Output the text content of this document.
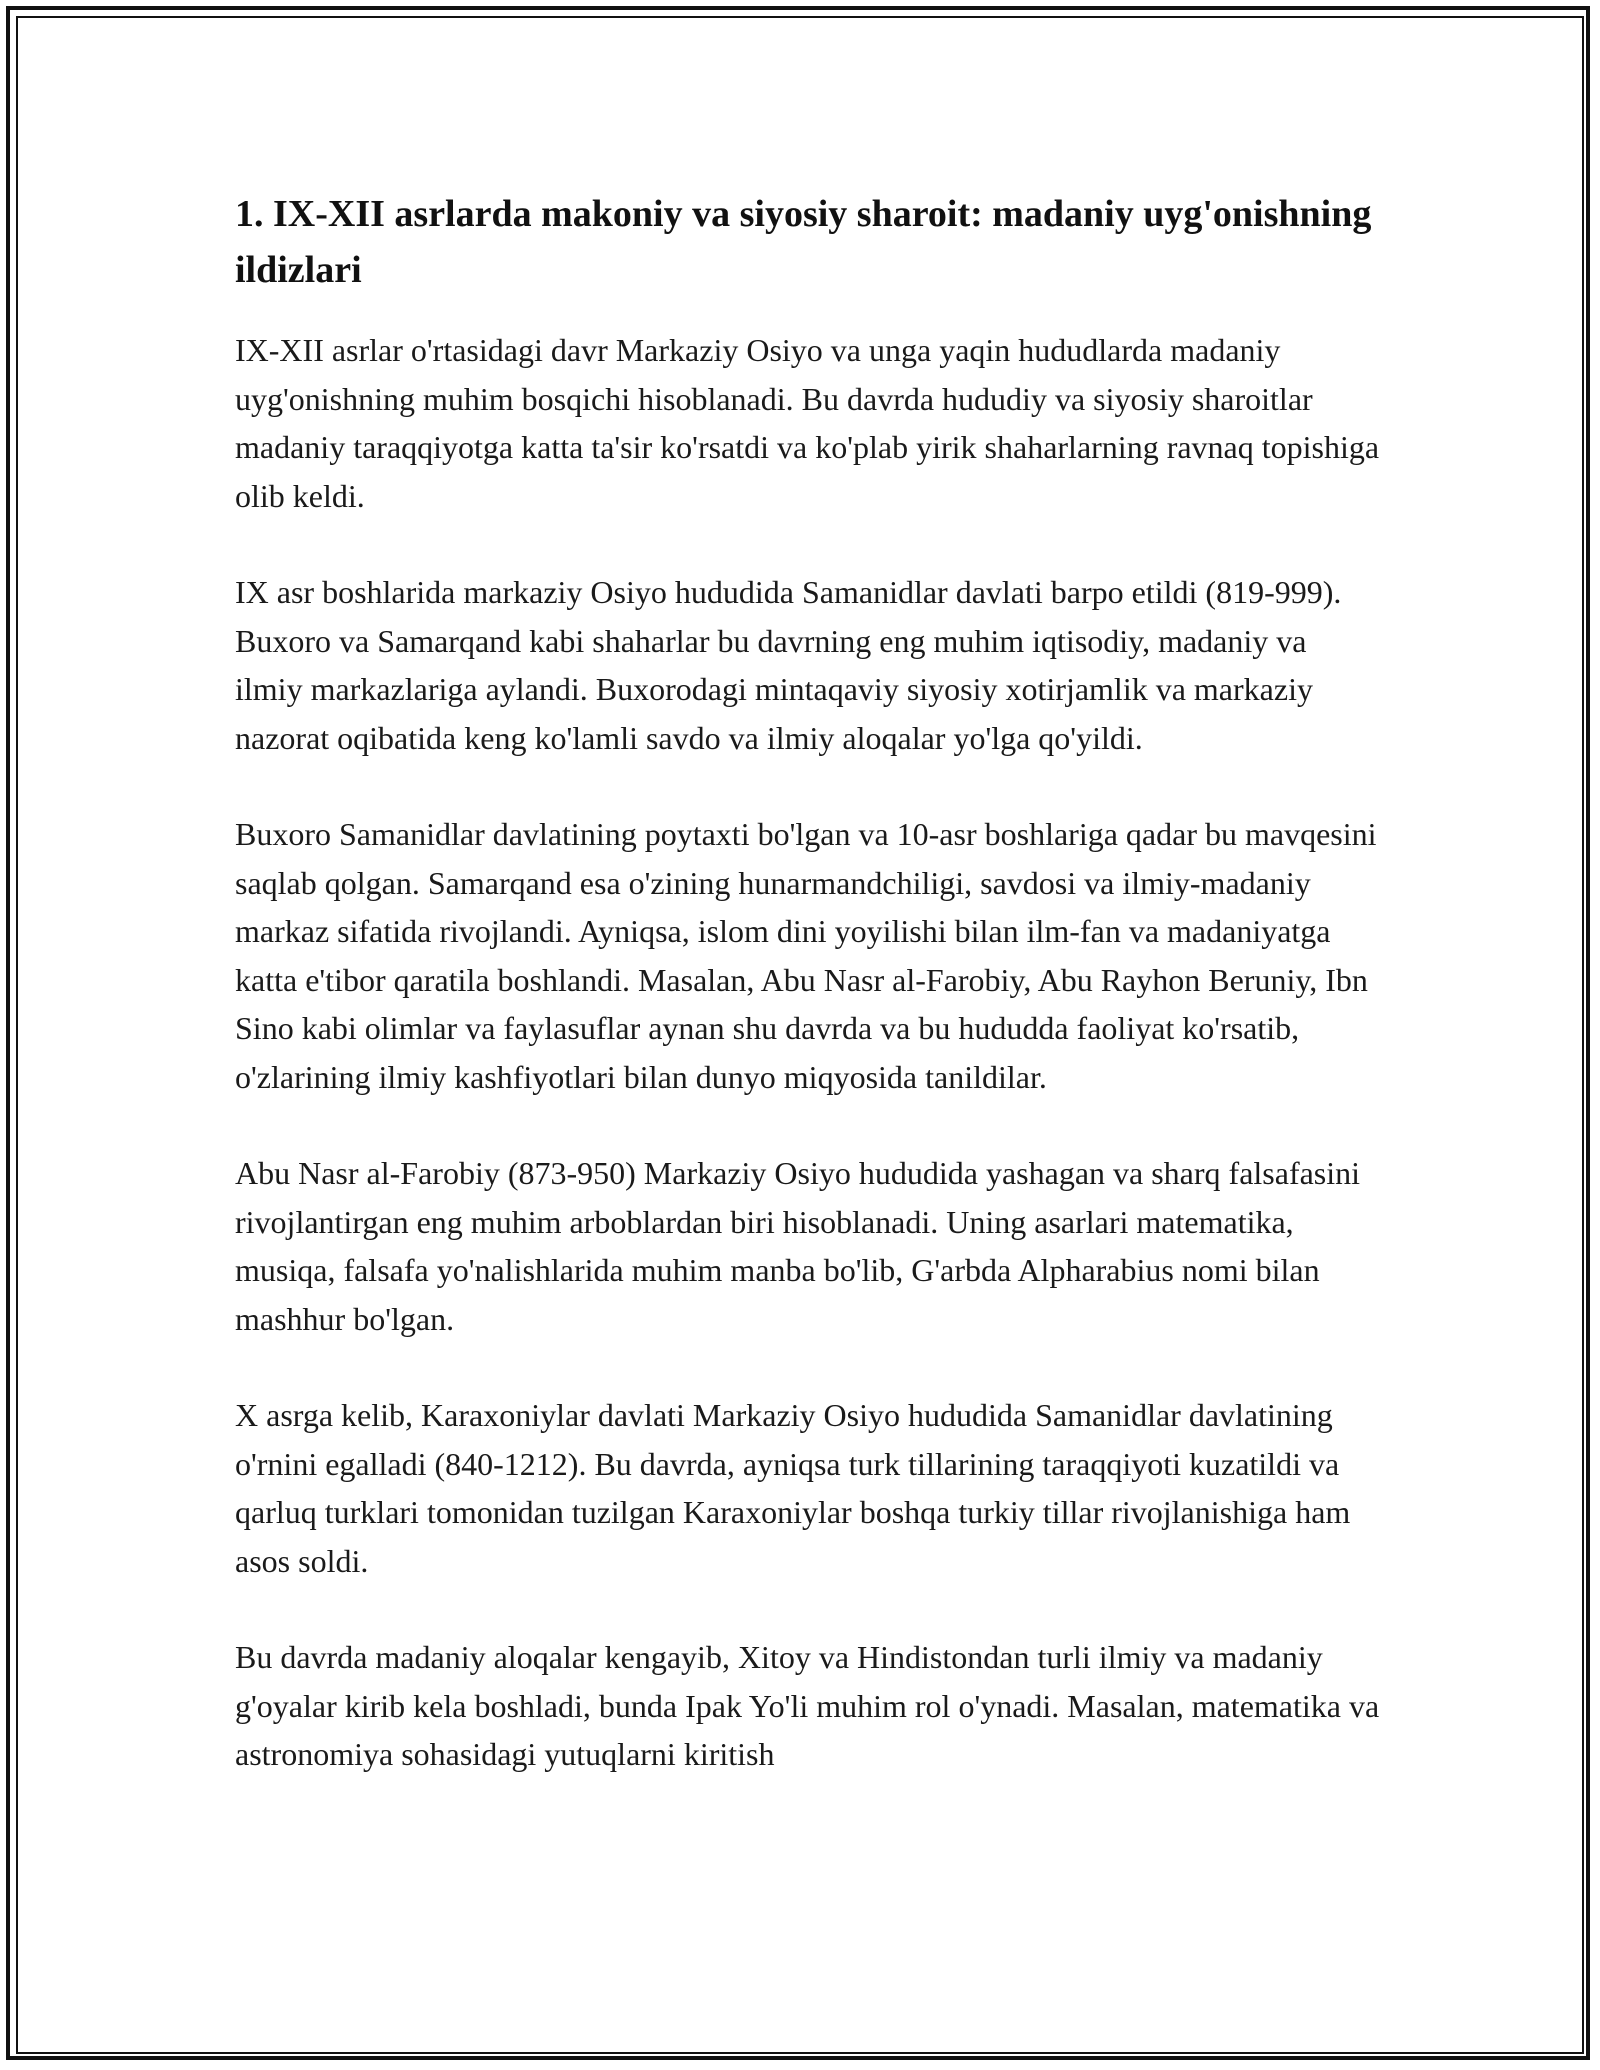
1. IX-XII asrlarda makoniy va siyosiy sharoit: madaniy uyg'onishning ildizlari

IX-XII asrlar o'rtasidagi davr Markaziy Osiyo va unga yaqin hududlarda madaniy uyg'onishning muhim bosqichi hisoblanadi. Bu davrda hududiy va siyosiy sharoitlar madaniy taraqqiyotga katta ta'sir ko'rsatdi va ko'plab yirik shaharlarning ravnaq topishiga olib keldi.

IX asr boshlarida markaziy Osiyo hududida Samanidlar davlati barpo etildi (819-999). Buxoro va Samarqand kabi shaharlar bu davrning eng muhim iqtisodiy, madaniy va ilmiy markazlariga aylandi. Buxorodagi mintaqaviy siyosiy xotirjamlik va markaziy nazorat oqibatida keng ko'lamli savdo va ilmiy aloqalar yo'lga qo'yildi.

Buxoro Samanidlar davlatining poytaxti bo'lgan va 10-asr boshlariga qadar bu mavqesini saqlab qolgan. Samarqand esa o'zining hunarmandchiligi, savdosi va ilmiy-madaniy markaz sifatida rivojlandi. Ayniqsa, islom dini yoyilishi bilan ilm-fan va madaniyatga katta e'tibor qaratila boshlandi. Masalan, Abu Nasr al-Farobiy, Abu Rayhon Beruniy, Ibn Sino kabi olimlar va faylasuflar aynan shu davrda va bu hududda faoliyat ko'rsatib, o'zlarining ilmiy kashfiyotlari bilan dunyo miqyosida tanildilar.

Abu Nasr al-Farobiy (873-950) Markaziy Osiyo hududida yashagan va sharq falsafasini rivojlantirgan eng muhim arboblardan biri hisoblanadi. Uning asarlari matematika, musiqa, falsafa yo'nalishlarida muhim manba bo'lib, G'arbda Alpharabius nomi bilan mashhur bo'lgan.

X asrga kelib, Karaxoniylar davlati Markaziy Osiyo hududida Samanidlar davlatining o'rnini egalladi (840-1212). Bu davrda, ayniqsa turk tillarining taraqqiyoti kuzatildi va qarluq turklari tomonidan tuzilgan Karaxoniylar boshqa turkiy tillar rivojlanishiga ham asos soldi.

Bu davrda madaniy aloqalar kengayib, Xitoy va Hindistondan turli ilmiy va madaniy g'oyalar kirib kela boshladi, bunda Ipak Yo'li muhim rol o'ynadi. Masalan, matematika va astronomiya sohasidagi yutuqlarni kiritish
